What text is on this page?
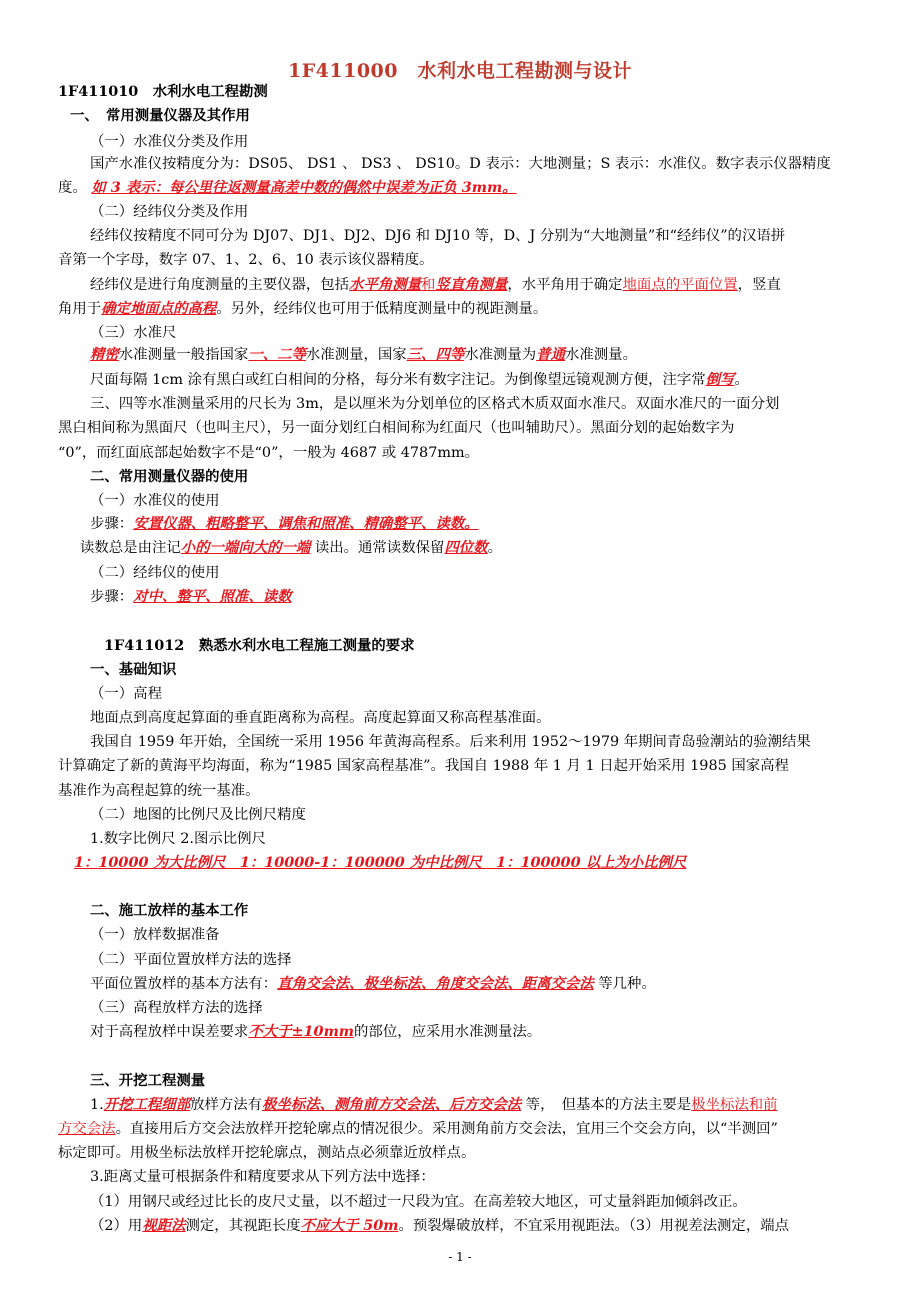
1F411000　水利水电工程勘测与设计
1F411010　水利水电工程勘测
一、　常用测量仪器及其作用
（一）水准仪分类及作用
国产水准仪按精度分为：DS05、 DS1 、 DS3 、 DS10。D 表示：大地测量；S 表示：水准仪。数字表示仪器精度
度。 如 3 表示：每公里往返测量高差中数的偶然中误差为正负 3mm。
（二）经纬仪分类及作用
经纬仪按精度不同可分为 DJ07、DJ1、DJ2、DJ6 和 DJ10 等，D、J 分别为“大地测量”和“经纬仪”的汉语拼
音第一个字母，数字 07、1、2、6、10 表示该仪器精度。
经纬仪是进行角度测量的主要仪器，包括水平角测量和竖直角测量，水平角用于确定地面点的平面位置，竖直
角用于确定地面点的高程。另外，经纬仪也可用于低精度测量中的视距测量。
（三）水准尺
精密水准测量一般指国家一、二等水准测量，国家三、四等水准测量为普通水准测量。
尺面每隔 1cm 涂有黑白或红白相间的分格，每分米有数字注记。为倒像望远镜观测方便，注字常倒写。
三、四等水准测量采用的尺长为 3m，是以厘米为分划单位的区格式木质双面水准尺。双面水准尺的一面分划
黑白相间称为黑面尺（也叫主尺），另一面分划红白相间称为红面尺（也叫辅助尺）。黑面分划的起始数字为
“0”，而红面底部起始数字不是“0”，一般为 4687 或 4787mm。
二、常用测量仪器的使用
（一）水准仪的使用
步骤：安置仪器、粗略整平、调焦和照准、精确整平、读数。
读数总是由注记小的一端向大的一端 读出。通常读数保留四位数。
（二）经纬仪的使用
步骤：对中、整平、照准、读数
1F411012　熟悉水利水电工程施工测量的要求
一、基础知识
（一）高程
地面点到高度起算面的垂直距离称为高程。高度起算面又称高程基准面。
我国自 1959 年开始，全国统一采用 1956 年黄海高程系。后来利用 1952～1979 年期间青岛验潮站的验潮结果
计算确定了新的黄海平均海面，称为“1985 国家高程基准”。我国自 1988 年 1 月 1 日起开始采用 1985 国家高程
基准作为高程起算的统一基准。
（二）地图的比例尺及比例尺精度
1.数字比例尺 2.图示比例尺
1：10000 为大比例尺　1：10000-1：100000 为中比例尺　1：100000 以上为小比例尺
二、施工放样的基本工作
（一）放样数据准备
（二）平面位置放样方法的选择
平面位置放样的基本方法有：直角交会法、极坐标法、角度交会法、距离交会法 等几种。
（三）高程放样方法的选择
对于高程放样中误差要求不大于±10mm的部位，应采用水准测量法。
三、开挖工程测量
1.开挖工程细部放样方法有极坐标法、测角前方交会法、后方交会法 等，　但基本的方法主要是极坐标法和前
方交会法。直接用后方交会法放样开挖轮廓点的情况很少。采用测角前方交会法，宜用三个交会方向，以“半测回”
标定即可。用极坐标法放样开挖轮廓点，测站点必须靠近放样点。
3.距离丈量可根据条件和精度要求从下列方法中选择：
（1）用钢尺或经过比长的皮尺丈量，以不超过一尺段为宜。在高差较大地区，可丈量斜距加倾斜改正。
（2）用视距法测定，其视距长度不应大于 50m。预裂爆破放样，不宜采用视距法。（3）用视差法测定，端点
- 1 -
